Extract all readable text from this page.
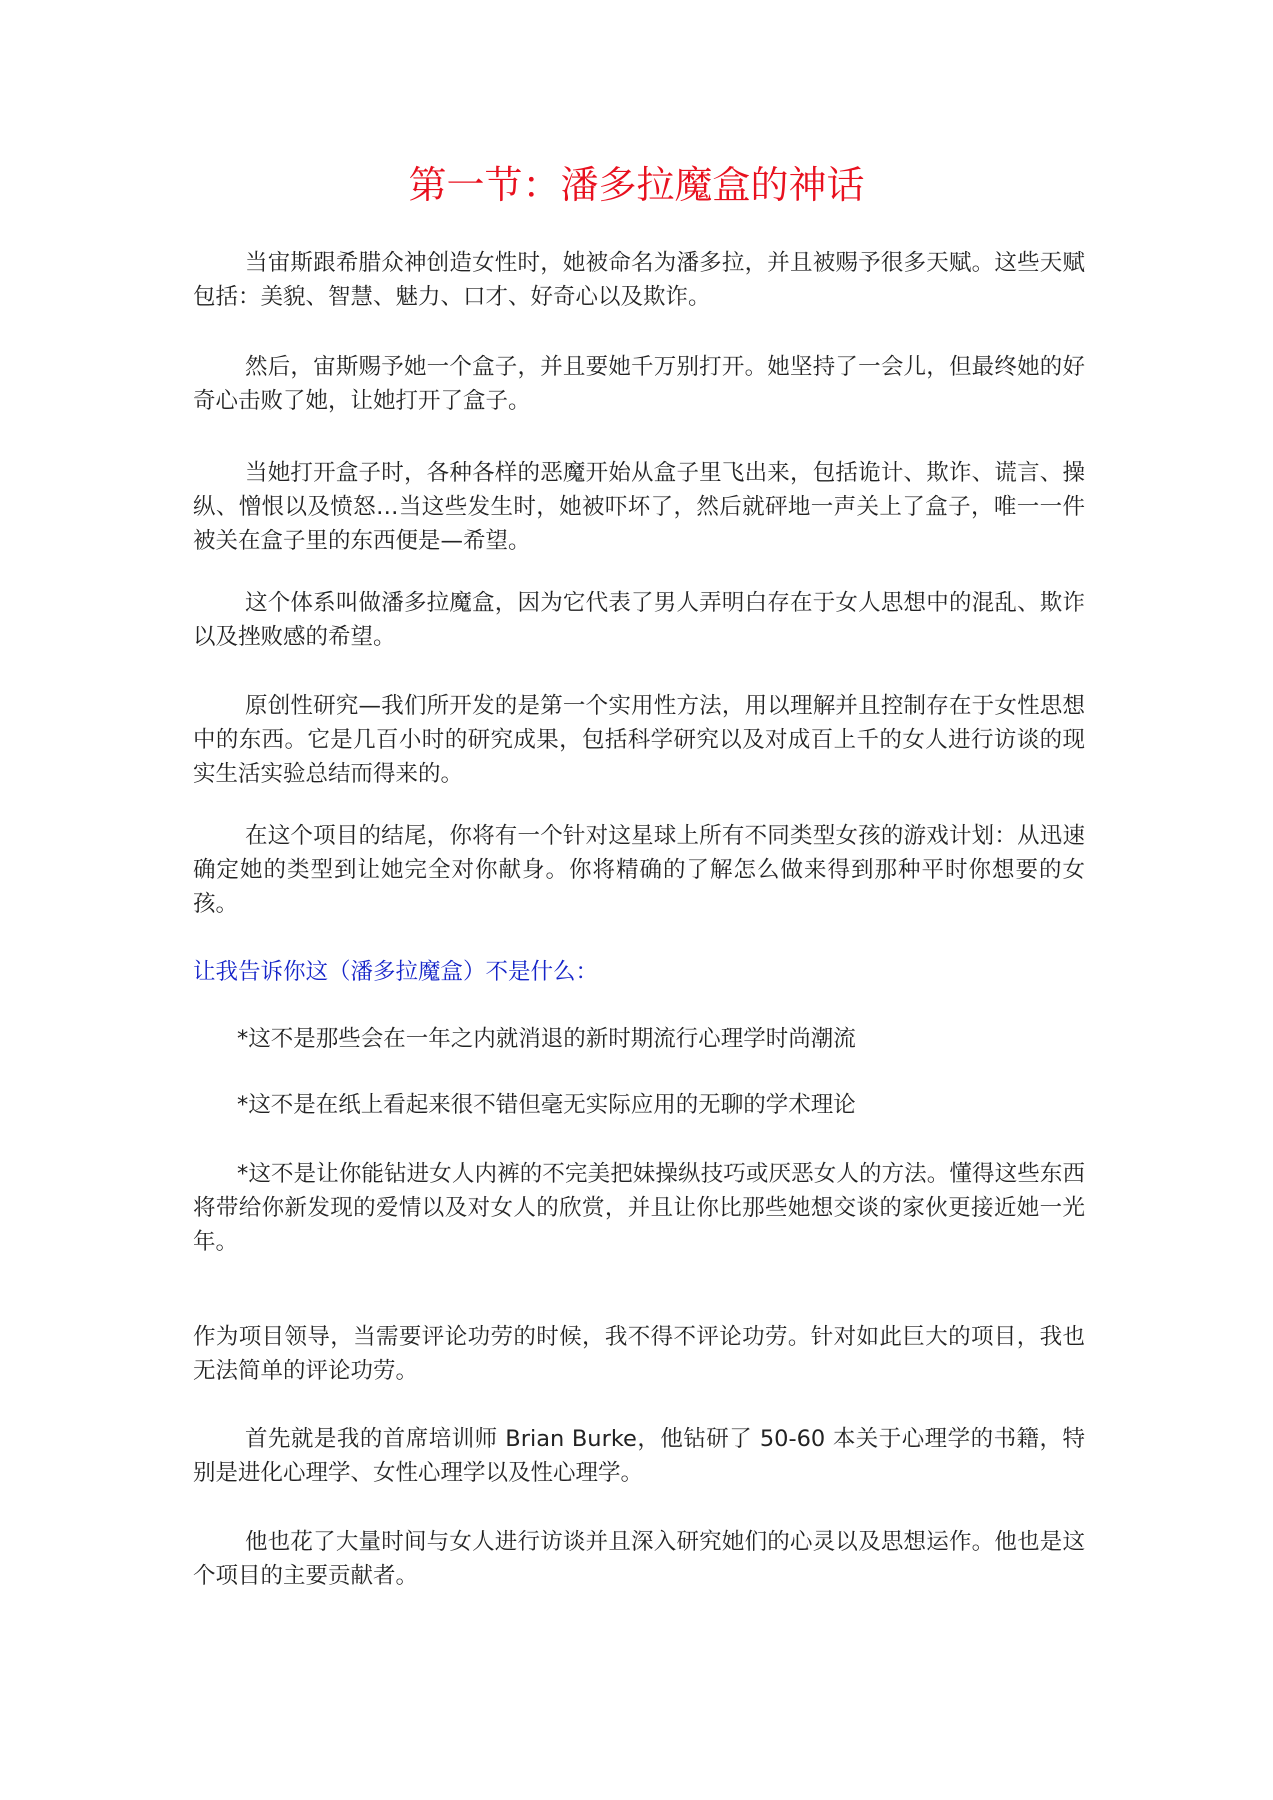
第一节：潘多拉魔盒的神话

当宙斯跟希腊众神创造女性时，她被命名为潘多拉，并且被赐予很多天赋。这些天赋包括：美貌、智慧、魅力、口才、好奇心以及欺诈。

然后，宙斯赐予她一个盒子，并且要她千万别打开。她坚持了一会儿，但最终她的好奇心击败了她，让她打开了盒子。

当她打开盒子时，各种各样的恶魔开始从盒子里飞出来，包括诡计、欺诈、谎言、操纵、憎恨以及愤怒…当这些发生时，她被吓坏了，然后就砰地一声关上了盒子，唯一一件被关在盒子里的东西便是—希望。

这个体系叫做潘多拉魔盒，因为它代表了男人弄明白存在于女人思想中的混乱、欺诈以及挫败感的希望。

原创性研究—我们所开发的是第一个实用性方法，用以理解并且控制存在于女性思想中的东西。它是几百小时的研究成果，包括科学研究以及对成百上千的女人进行访谈的现实生活实验总结而得来的。

在这个项目的结尾，你将有一个针对这星球上所有不同类型女孩的游戏计划：从迅速确定她的类型到让她完全对你献身。你将精确的了解怎么做来得到那种平时你想要的女孩。

让我告诉你这（潘多拉魔盒）不是什么：

*这不是那些会在一年之内就消退的新时期流行心理学时尚潮流

*这不是在纸上看起来很不错但毫无实际应用的无聊的学术理论

*这不是让你能钻进女人内裤的不完美把妹操纵技巧或厌恶女人的方法。懂得这些东西将带给你新发现的爱情以及对女人的欣赏，并且让你比那些她想交谈的家伙更接近她一光年。

作为项目领导，当需要评论功劳的时候，我不得不评论功劳。针对如此巨大的项目，我也无法简单的评论功劳。

首先就是我的首席培训师 Brian Burke，他钻研了 50-60 本关于心理学的书籍，特别是进化心理学、女性心理学以及性心理学。

他也花了大量时间与女人进行访谈并且深入研究她们的心灵以及思想运作。他也是这个项目的主要贡献者。
